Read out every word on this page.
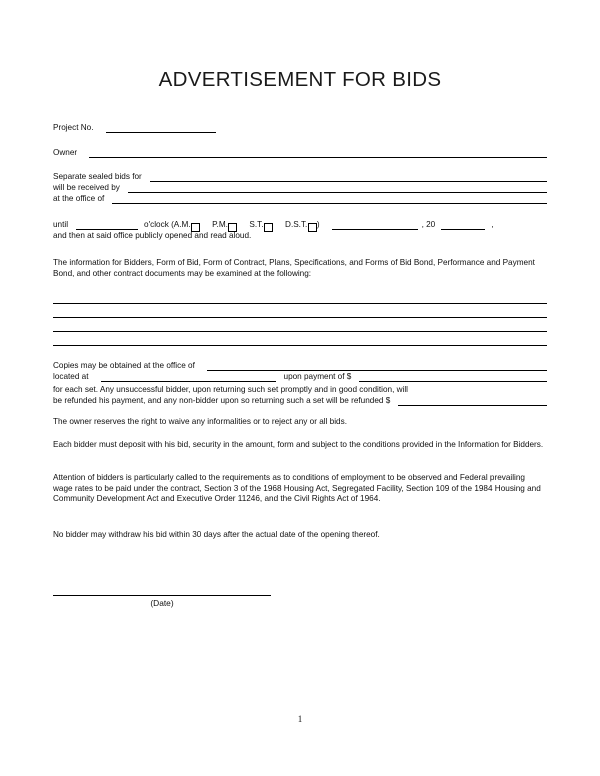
ADVERTISEMENT FOR BIDS
Project No.
Owner
Separate sealed bids for
will be received by
at the office of
until	o'clock (A.M.	P.M.	S.T.	D.S.T. )	, 20	,
and then at said office publicly opened and read aloud.
The information for Bidders, Form of Bid, Form of Contract, Plans, Specifications, and Forms of Bid Bond, Performance and Payment Bond, and other contract documents may be examined at the following:
Copies may be obtained at the office of
located at	upon payment of $
for each set. Any unsuccessful bidder, upon returning such set promptly and in good condition, will
be refunded his payment, and any non-bidder upon so returning such a set will be refunded $
The owner reserves the right to waive any informalities or to reject any or all bids.
Each bidder must deposit with his bid, security in the amount, form and subject to the conditions provided in the Information for Bidders.
Attention of bidders is particularly called to the requirements as to conditions of employment to be observed and Federal prevailing wage rates to be paid under the contract, Section 3 of the 1968 Housing Act, Segregated Facility, Section 109 of the 1984 Housing and Community Development Act and Executive Order 11246, and the Civil Rights Act of 1964.
No bidder may withdraw his bid within 30 days after the actual date of the opening thereof.
(Date)
1
